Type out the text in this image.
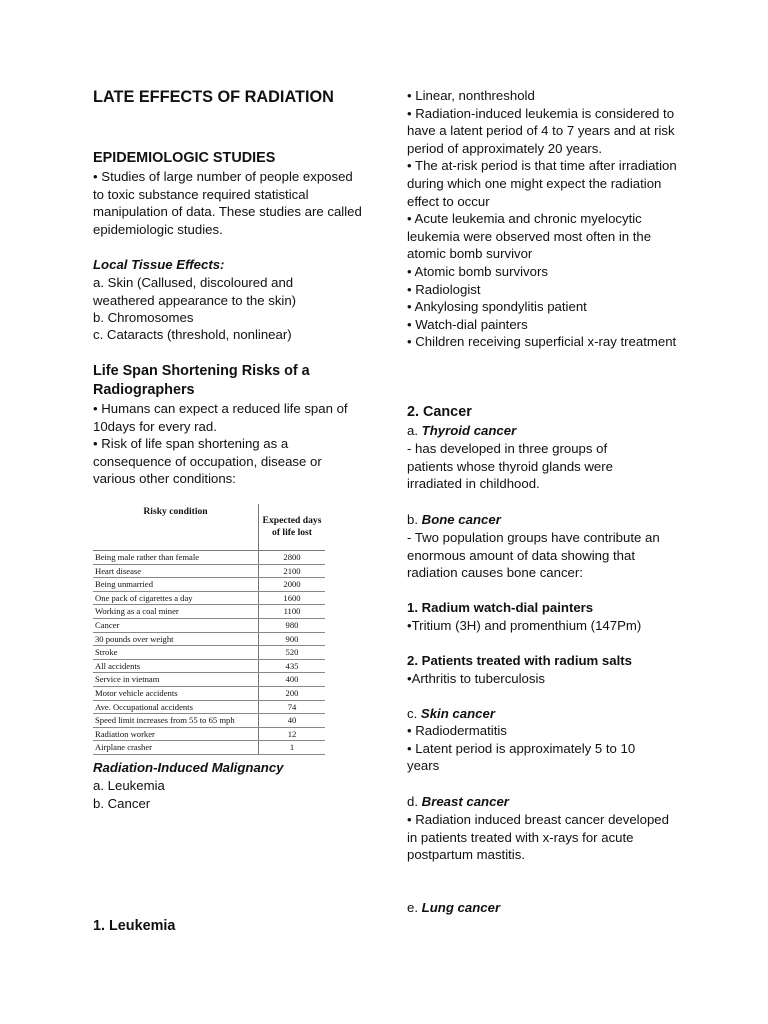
LATE EFFECTS OF RADIATION
EPIDEMIOLOGIC STUDIES

• Studies of large number of people exposed to toxic substance required statistical manipulation of data. These studies are called epidemiologic studies.

Local Tissue Effects:

a. Skin (Callused, discoloured and weathered appearance to the skin)

b. Chromosomes

c. Cataracts (threshold, nonlinear)

Life Span Shortening Risks of a Radiographers

• Humans can expect a reduced life span of 10days for every rad.

• Risk of life span shortening as a consequence of occupation, disease or various other conditions:

Risky condition	Expected days of life lost
Being male rather than female	2800
Heart disease	2100
Being unmarried	2000
One pack of cigarettes a day	1600
Working as a coal miner	1100
Cancer	980
30 pounds over weight	900
Stroke	520
All accidents	435
Service in vietnam	400
Motor vehicle accidents	200
Ave. Occupational accidents	74
Speed limit increases from 55 to 65 mph	40
Radiation worker	12
Airplane crasher	1

Radiation-Induced Malignancy

a. Leukemia

b. Cancer

1. Leukemia

• Linear, nonthreshold
• Radiation-induced leukemia is considered to have a latent period of 4 to 7 years and at risk period of approximately 20 years.
• The at-risk period is that time after irradiation during which one might expect the radiation effect to occur
• Acute leukemia and chronic myelocytic leukemia were observed most often in the atomic bomb survivor
• Atomic bomb survivors
• Radiologist
• Ankylosing spondylitis patient
• Watch-dial painters
• Children receiving superficial x-ray treatment

2. Cancer

a. Thyroid cancer

- has developed in three groups of patients whose thyroid glands were irradiated in childhood.

b. Bone cancer

- Two population groups have contribute an enormous amount of data showing that radiation causes bone cancer:

1. Radium watch-dial painters

•Tritium (3H) and promenthium (147Pm)

2. Patients treated with radium salts

•Arthritis to tuberculosis

c. Skin cancer

• Radiodermatitis
• Latent period is approximately 5 to 10 years

d. Breast cancer

• Radiation induced breast cancer developed in patients treated with x-rays for acute postpartum mastitis.

e. Lung cancer
